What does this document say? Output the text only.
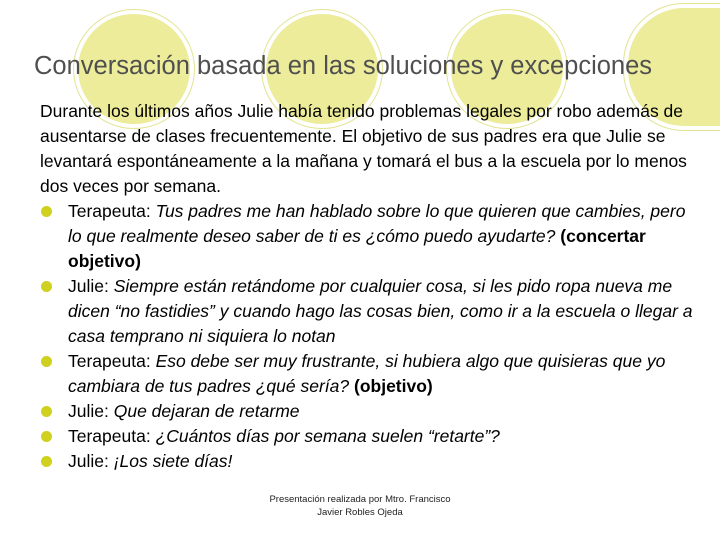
Conversación basada en las soluciones y excepciones

Durante los últimos años Julie había tenido problemas legales por robo además de ausentarse de clases frecuentemente. El objetivo de sus padres era que Julie se levantará espontáneamente a la mañana y tomará el bus a la escuela por lo menos dos veces por semana.

Terapeuta: Tus padres me han hablado sobre lo que quieren que cambies, pero lo que realmente deseo saber de ti es ¿cómo puedo ayudarte? (concertar objetivo)
Julie: Siempre están retándome por cualquier cosa, si les pido ropa nueva me dicen “no fastidies” y cuando hago las cosas bien, como ir a la escuela o llegar a casa temprano ni siquiera lo notan
Terapeuta: Eso debe ser muy frustrante, si hubiera algo que quisieras que yo cambiara de tus padres ¿qué sería? (objetivo)
Julie: Que dejaran de retarme
Terapeuta: ¿Cuántos días por semana suelen “retarte”?
Julie: ¡Los siete días!
Presentación realizada por Mtro. Francisco
Javier Robles Ojeda
